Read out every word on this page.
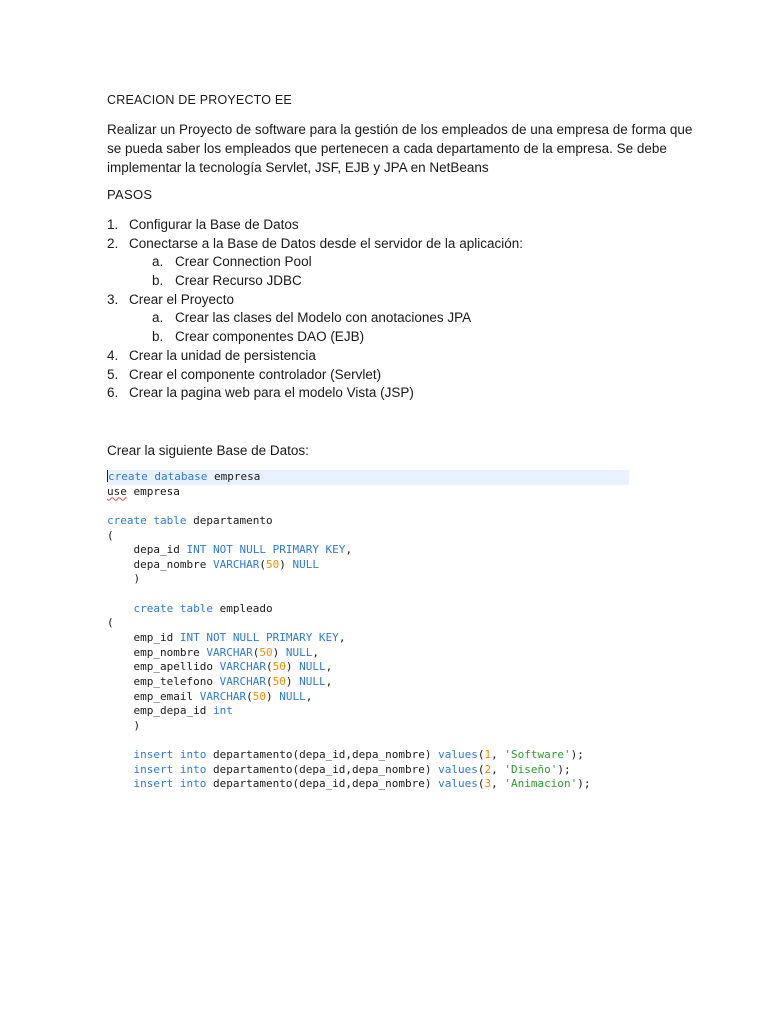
CREACION DE PROYECTO EE
Realizar un Proyecto de software para la gestión de los empleados de una empresa de forma que
se pueda saber los empleados que pertenecen a cada departamento de la empresa. Se debe
implementar la tecnología Servlet, JSF, EJB y JPA en NetBeans
PASOS
1. Configurar la Base de Datos
2. Conectarse a la Base de Datos desde el servidor de la aplicación:
a. Crear Connection Pool
b. Crear Recurso JDBC
3. Crear el Proyecto
a. Crear las clases del Modelo con anotaciones JPA
b. Crear componentes DAO (EJB)
4. Crear la unidad de persistencia
5. Crear el componente controlador (Servlet)
6. Crear la pagina web para el modelo Vista (JSP)
Crear la siguiente Base de Datos:
create database empresa
use empresa

create table departamento
(
depa_id INT NOT NULL PRIMARY KEY,
depa_nombre VARCHAR(50) NULL
)

create table empleado
(
emp_id INT NOT NULL PRIMARY KEY,
emp_nombre VARCHAR(50) NULL,
emp_apellido VARCHAR(50) NULL,
emp_telefono VARCHAR(50) NULL,
emp_email VARCHAR(50) NULL,
emp_depa_id int
)

insert into departamento(depa_id,depa_nombre) values(1, 'Software');
insert into departamento(depa_id,depa_nombre) values(2, 'Diseño');
insert into departamento(depa_id,depa_nombre) values(3, 'Animacion');
